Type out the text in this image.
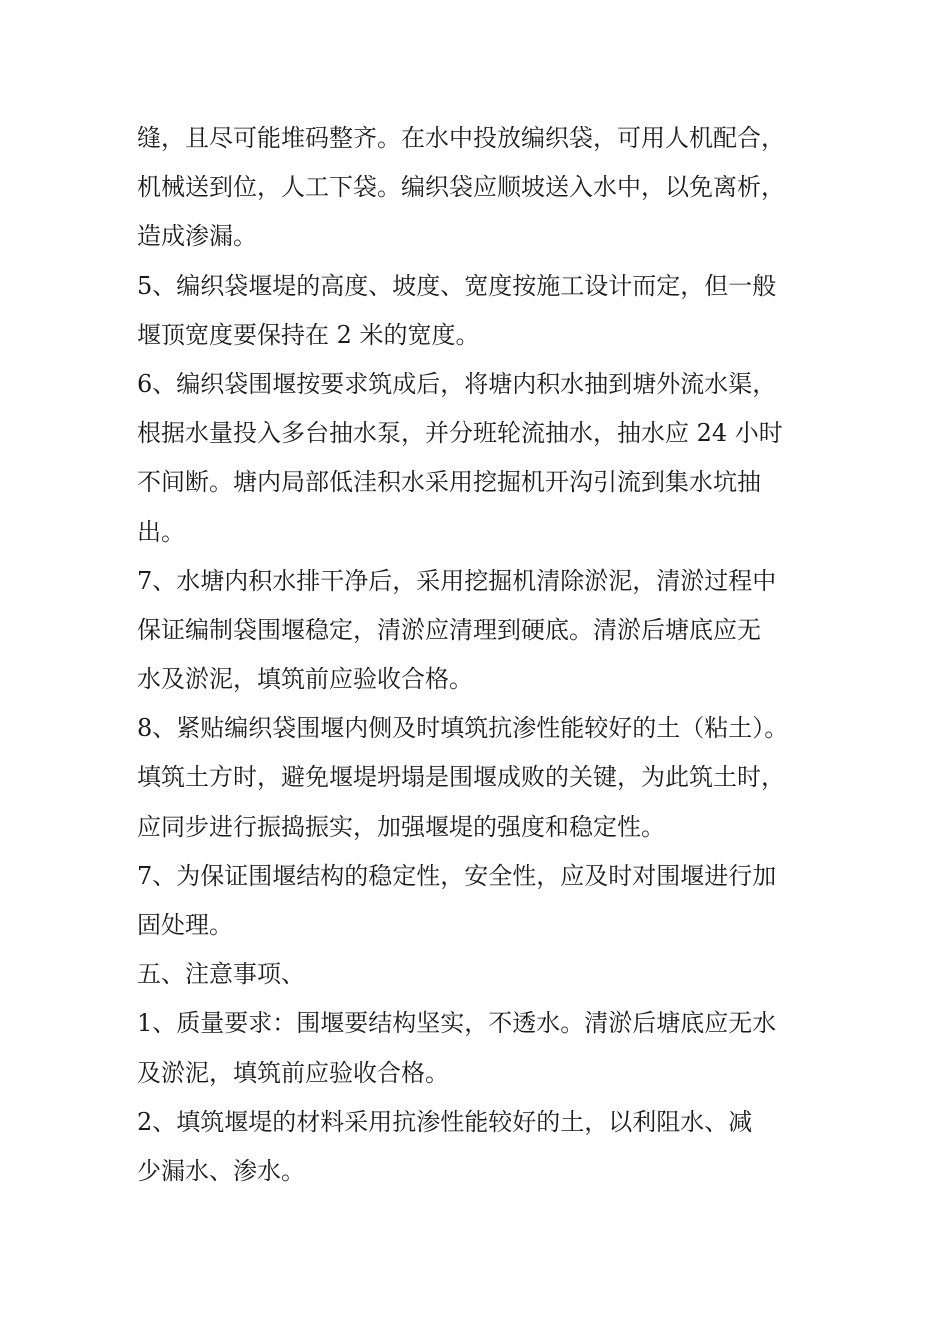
缝，且尽可能堆码整齐。在水中投放编织袋，可用人机配合，
机械送到位，人工下袋。编织袋应顺坡送入水中，以免离析，
造成渗漏。
5、编织袋堰堤的高度、坡度、宽度按施工设计而定，但一般
堰顶宽度要保持在 2 米的宽度。
6、编织袋围堰按要求筑成后，将塘内积水抽到塘外流水渠，
根据水量投入多台抽水泵，并分班轮流抽水，抽水应 24 小时
不间断。塘内局部低洼积水采用挖掘机开沟引流到集水坑抽
出。
7、水塘内积水排干净后，采用挖掘机清除淤泥，清淤过程中
保证编制袋围堰稳定，清淤应清理到硬底。清淤后塘底应无
水及淤泥，填筑前应验收合格。
8、紧贴编织袋围堰内侧及时填筑抗渗性能较好的土（粘土）。
填筑土方时，避免堰堤坍塌是围堰成败的关键，为此筑土时，
应同步进行振捣振实，加强堰堤的强度和稳定性。
7、为保证围堰结构的稳定性，安全性，应及时对围堰进行加
固处理。
五、注意事项、
1、质量要求：围堰要结构坚实，不透水。清淤后塘底应无水
及淤泥，填筑前应验收合格。
2、填筑堰堤的材料采用抗渗性能较好的土，以利阻水、减
少漏水、渗水。
